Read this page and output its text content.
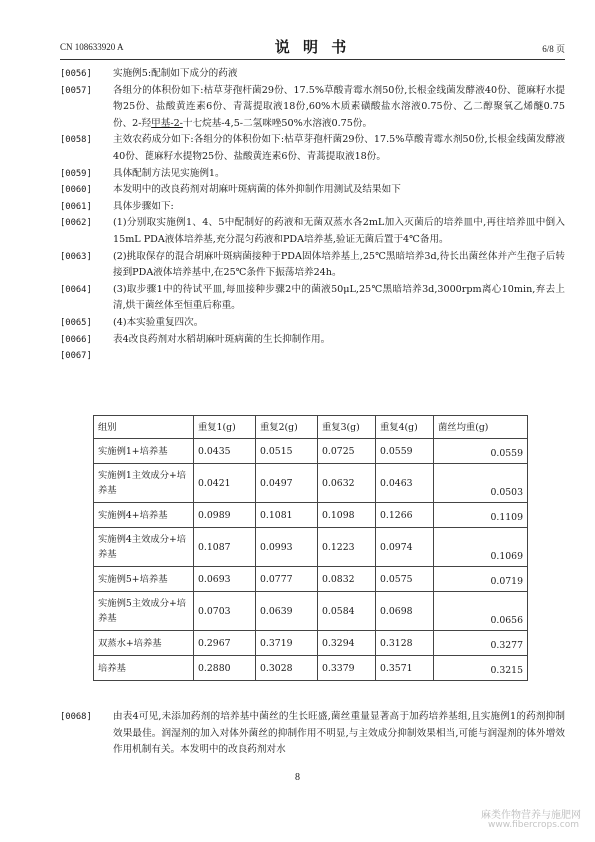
CN 108633920 A	说 明 书	6/8 页
[0056] 实施例5:配制如下成分的药液
[0057] 各组分的体积份如下:枯草芽孢杆菌29份、17.5%草酸青霉水剂50份,长根金线菌发酵液40份、蓖麻籽水提物25份、盐酸黄连素6份、青蒿提取液18份,60%木质素磺酸盐水溶液0.75份、乙二醇聚氧乙烯醚0.75份、2-羟甲基-2-十七烷基-4,5-二氢咪唑50%水溶液0.75份。
[0058] 主效农药成分如下:各组分的体积份如下:枯草芽孢杆菌29份、17.5%草酸青霉水剂50份,长根金线菌发酵液40份、蓖麻籽水提物25份、盐酸黄连素6份、青蒿提取液18份。
[0059] 具体配制方法见实施例1。
[0060] 本发明中的改良药剂对胡麻叶斑病菌的体外抑制作用测试及结果如下
[0061] 具体步骤如下:
[0062] (1)分别取实施例1、4、5中配制好的药液和无菌双蒸水各2mL加入灭菌后的培养皿中,再往培养皿中倒入15mL PDA液体培养基,充分混匀药液和PDA培养基,验证无菌后置于4℃备用。
[0063] (2)挑取保存的混合胡麻叶斑病菌接种于PDA固体培养基上,25℃黑暗培养3d,待长出菌丝体并产生孢子后转接到PDA液体培养基中,在25℃条件下振荡培养24h。
[0064] (3)取步骤1中的待试平皿,每皿接种步骤2中的菌液50μL,25℃黑暗培养3d,3000rpm离心10min,弃去上清,烘干菌丝体至恒重后称重。
[0065] (4)本实验重复四次。
[0066] 表4改良药剂对水稻胡麻叶斑病菌的生长抑制作用。
[0067]

组别	重复1(g)	重复2(g)	重复3(g)	重复4(g)	菌丝均重(g)
实施例1+培养基	0.0435	0.0515	0.0725	0.0559	0.0559
实施例1主效成分+培养基	0.0421	0.0497	0.0632	0.0463	0.0503
实施例4+培养基	0.0989	0.1081	0.1098	0.1266	0.1109
实施例4主效成分+培养基	0.1087	0.0993	0.1223	0.0974	0.1069
实施例5+培养基	0.0693	0.0777	0.0832	0.0575	0.0719
实施例5主效成分+培养基	0.0703	0.0639	0.0584	0.0698	0.0656
双蒸水+培养基	0.2967	0.3719	0.3294	0.3128	0.3277
培养基	0.2880	0.3028	0.3379	0.3571	0.3215
[0068] 由表4可见,未添加药剂的培养基中菌丝的生长旺盛,菌丝重量显著高于加药培养基组,且实施例1的药剂抑制效果最佳。润湿剂的加入对体外菌丝的抑制作用不明显,与主效成分抑制效果相当,可能与润湿剂的体外增效作用机制有关。本发明中的改良药剂对水
8
麻类作物营养与施肥网
www.fibercrops.com
